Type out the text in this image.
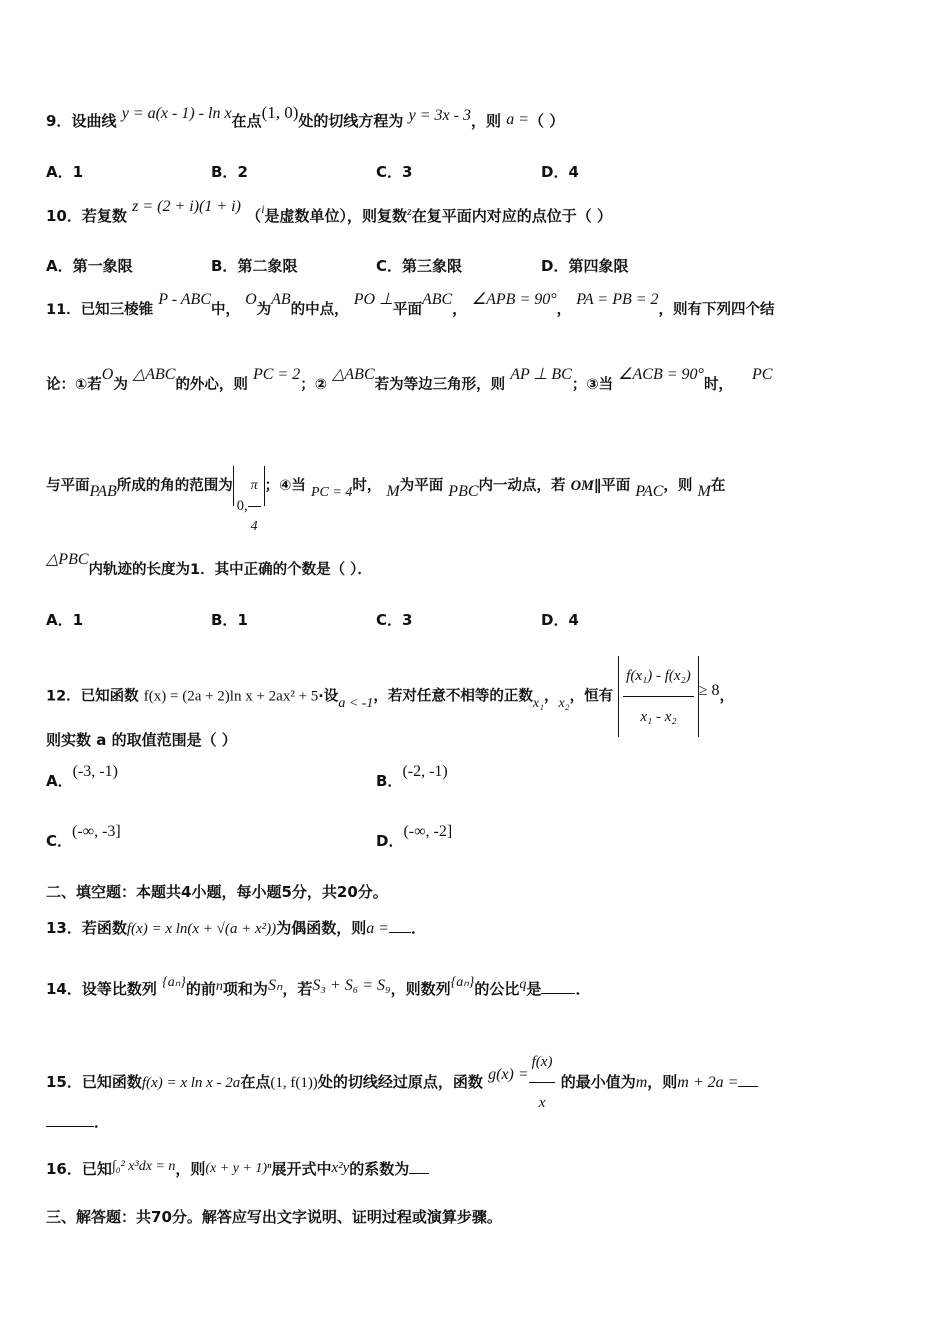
9．设曲线 y = a(x - 1) - ln x在点(1, 0)处的切线方程为 y = 3x - 3，则 a =（ ）
A．1	B．2	C．3	D．4
10．若复数 z = (2 + i)(1 + i) （$^i$是虚数单位），则复数$^z$在复平面内对应的点位于（ ）
A．第一象限	B．第二象限	C．第三象限	D．第四象限
11．已知三棱锥 P - ABC中， O为AB的中点， PO ⊥平面ABC， ∠APB = 90°， PA = PB = 2，则有下列四个结
论：①若O为 △ABC的外心，则 PC = 2；② △ABC若为等边三角形，则 AP ⊥ BC；③当 ∠ACB = 90°时， PC
与平面PAB所成的角的范围为0, $\frac{\pi}{4}$ ；④当 PC = 4时， M为平面 PBC内一动点，若 OM∥平面 PAC，则 M在
△PBC内轨迹的长度为1．其中正确的个数是（ ）．
A．1	B．1	C．3	D．4
12．已知函数 f(x) = (2a + 2)ln x + 2ax² + 5·设a < -1，若对任意不相等的正数x₁，x₂，恒有 $\frac{\text{f(x₁) - f(x₂)}}{\text{x₁ - x₂}} \ge 8$，
则实数 a 的取值范围是（ ）
A．(-3, -1)
B．(-2, -1)
C．(-∞, -3]
D．(-∞, -2]
二、填空题：本题共4小题，每小题5分，共20分。
13．若函数f(x) = x ln(x + √(a + x²))为偶函数，则a = ．
14．设等比数列 {aₙ}的前n项和为Sₙ，若S₃ + S₆ = S₉，则数列{aₙ}的公比q是 ．
15．已知函数f(x) = x ln x - 2a在点(1, f(1))处的切线经过原点，函数 $g(x) = \frac{f(x)}{x}$ 的最小值为m，则m + 2a =
．
16．已知∫₀² x³dx = n，则(x + y + 1)ⁿ展开式中x²y的系数为
三、解答题：共70分。解答应写出文字说明、证明过程或演算步骤。
